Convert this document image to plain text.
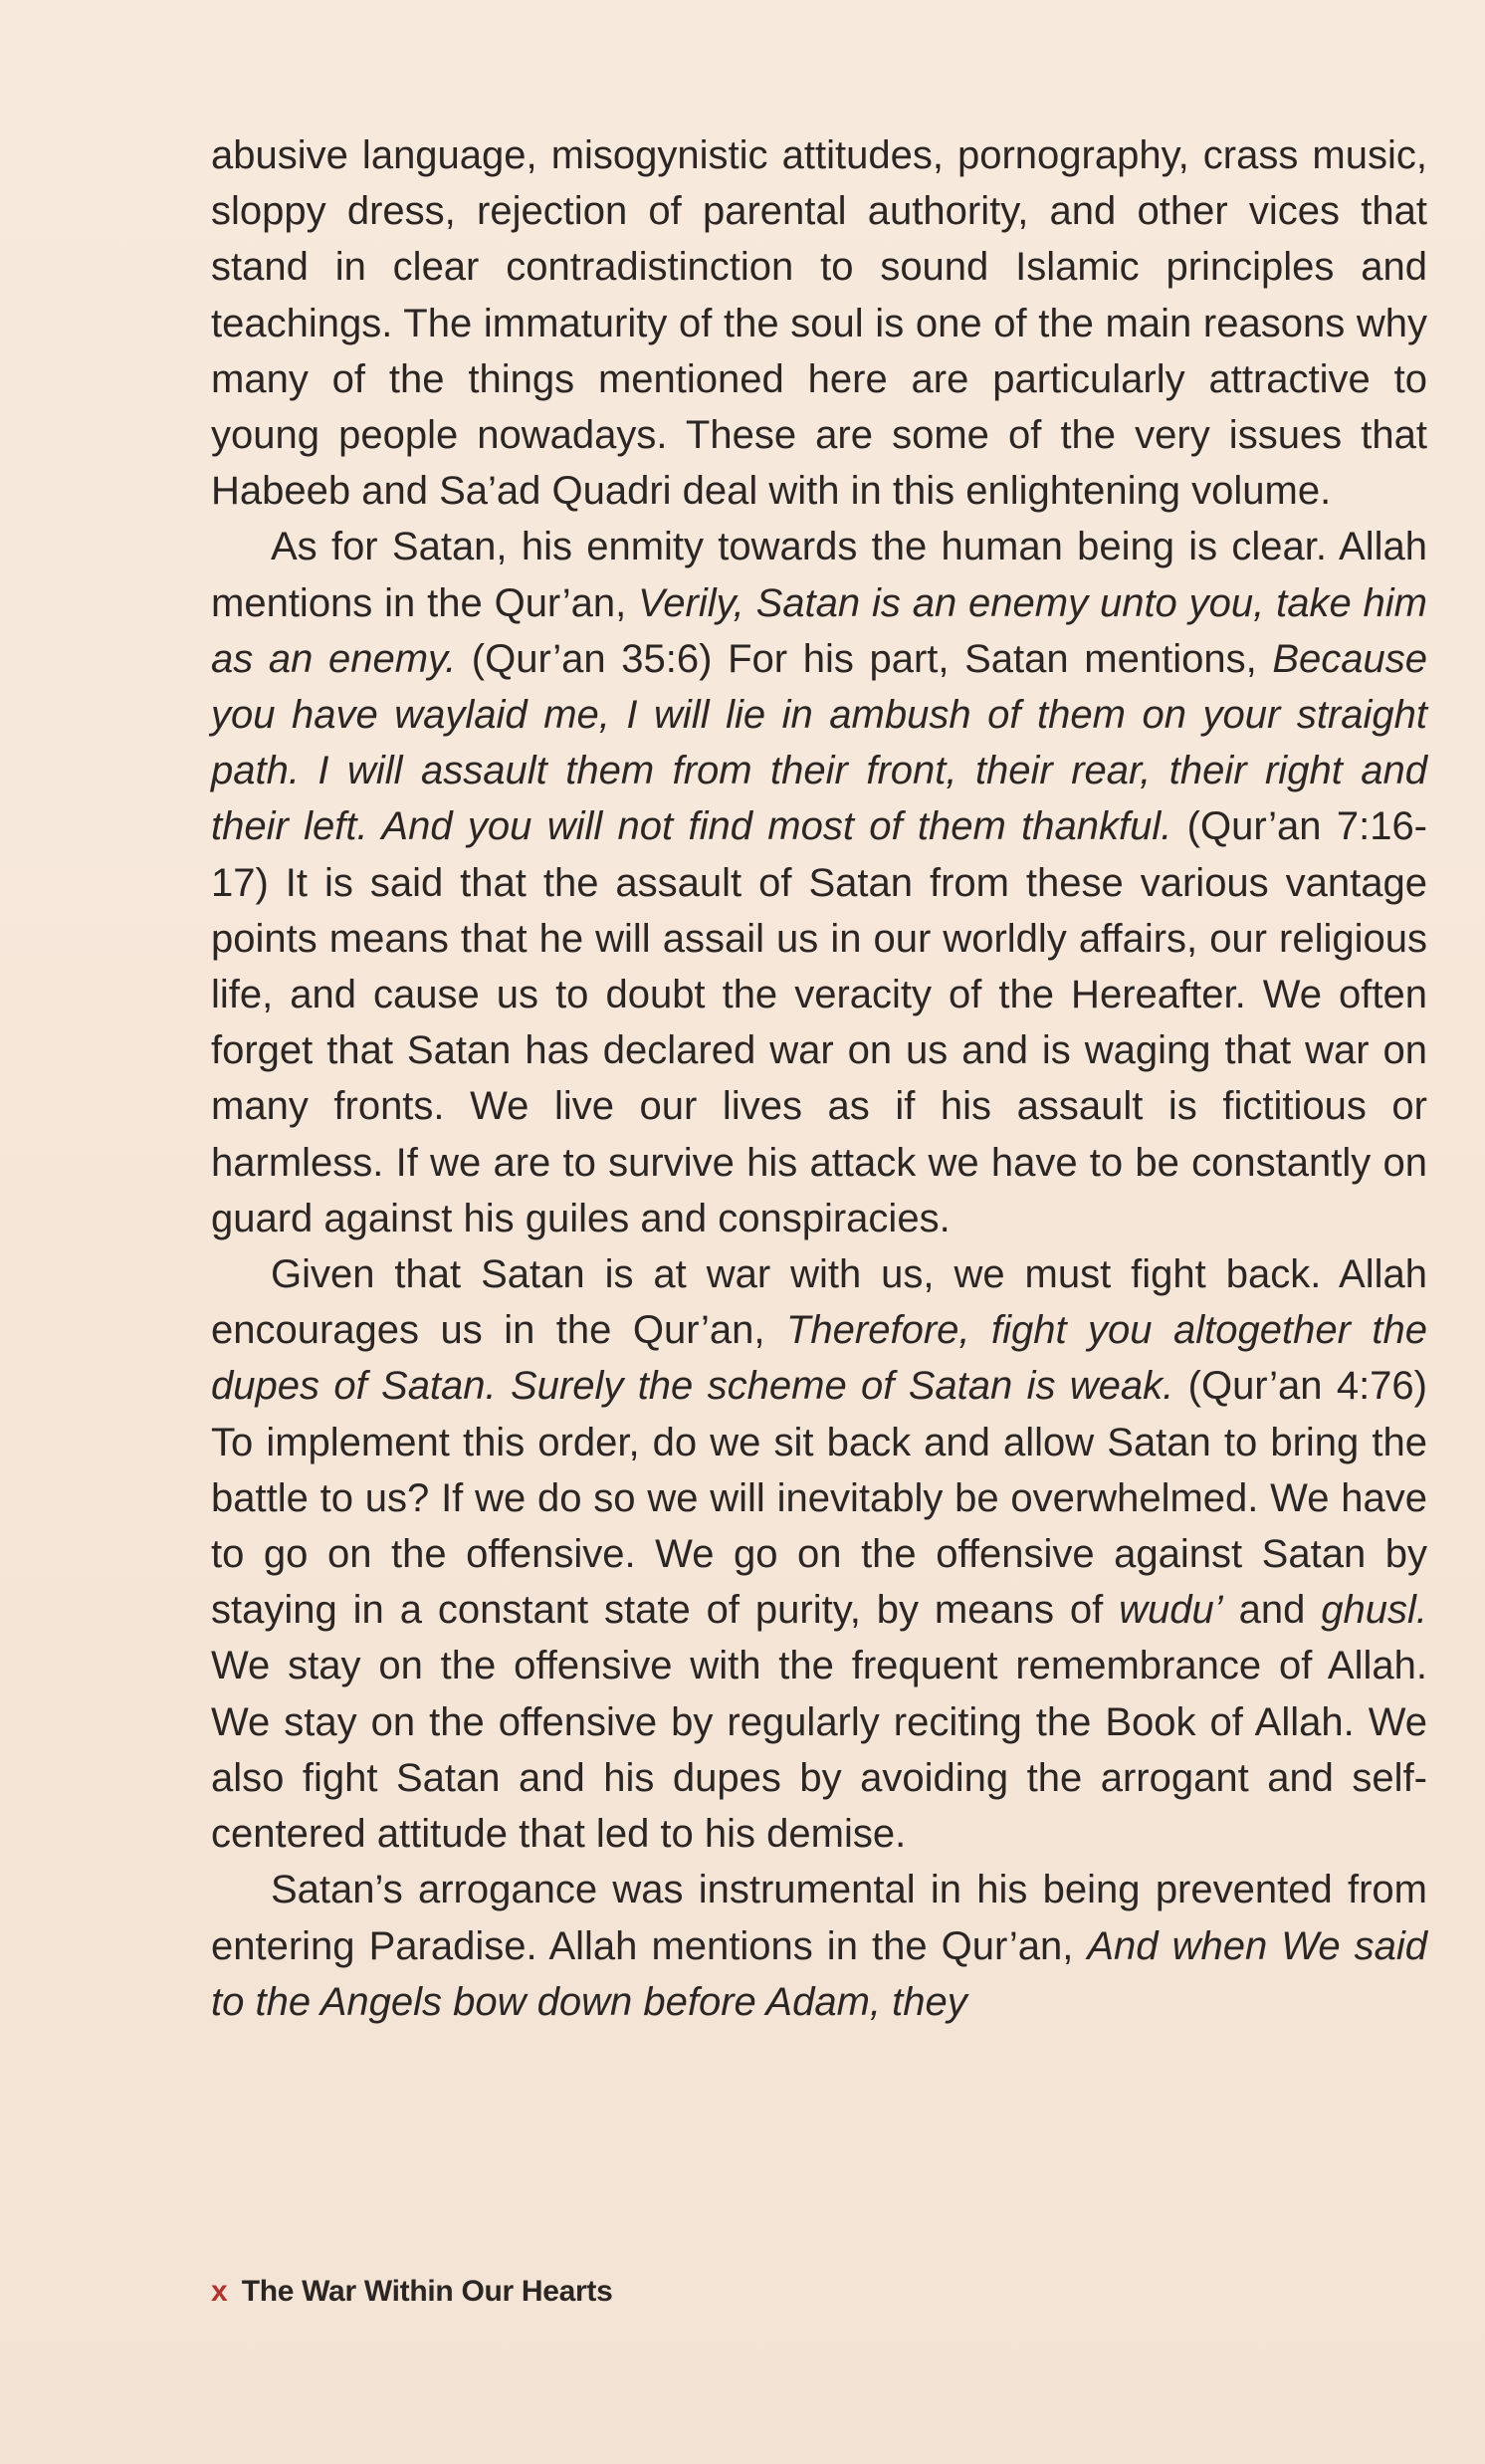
abusive language, misogynistic attitudes, pornography, crass music, sloppy dress, rejection of parental authority, and other vices that stand in clear contradistinction to sound Islamic principles and teachings. The immaturity of the soul is one of the main reasons why many of the things mentioned here are particularly attractive to young people nowadays. These are some of the very issues that Habeeb and Sa’ad Quadri deal with in this enlightening volume.

As for Satan, his enmity towards the human being is clear. Allah mentions in the Qur’an, Verily, Satan is an enemy unto you, take him as an enemy. (Qur’an 35:6) For his part, Satan mentions, Because you have waylaid me, I will lie in ambush of them on your straight path. I will assault them from their front, their rear, their right and their left. And you will not find most of them thankful. (Qur’an 7:16-17) It is said that the assault of Satan from these various vantage points means that he will assail us in our worldly affairs, our religious life, and cause us to doubt the veracity of the Hereafter. We often forget that Satan has declared war on us and is waging that war on many fronts. We live our lives as if his assault is fictitious or harmless. If we are to survive his attack we have to be constantly on guard against his guiles and conspiracies.

Given that Satan is at war with us, we must fight back. Allah encourages us in the Qur’an, Therefore, fight you altogether the dupes of Satan. Surely the scheme of Satan is weak. (Qur’an 4:76) To implement this order, do we sit back and allow Satan to bring the battle to us? If we do so we will inevitably be overwhelmed. We have to go on the offensive. We go on the offensive against Satan by staying in a constant state of purity, by means of wudu’ and ghusl. We stay on the offensive with the frequent remembrance of Allah. We stay on the offensive by regularly reciting the Book of Allah. We also fight Satan and his dupes by avoiding the arrogant and self-centered attitude that led to his demise.

Satan’s arrogance was instrumental in his being prevented from entering Paradise. Allah mentions in the Qur’an, And when We said to the Angels bow down before Adam, they

x The War Within Our Hearts
